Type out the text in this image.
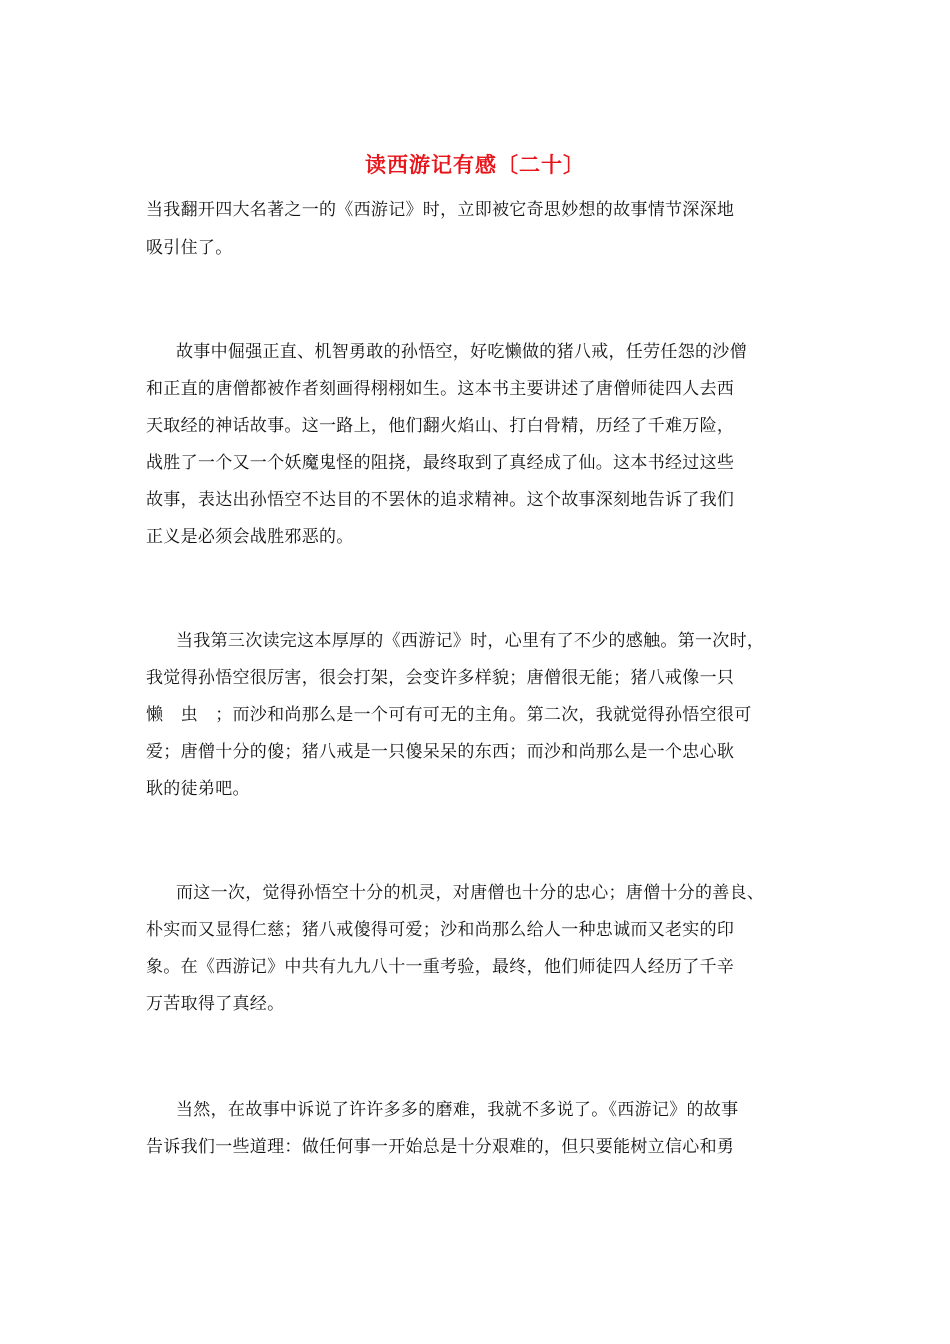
读西游记有感〔二十〕
当我翻开四大名著之一的《西游记》时，立即被它奇思妙想的故事情节深深地
吸引住了。
故事中倔强正直、机智勇敢的孙悟空，好吃懒做的猪八戒，任劳任怨的沙僧
和正直的唐僧都被作者刻画得栩栩如生。这本书主要讲述了唐僧师徒四人去西
天取经的神话故事。这一路上，他们翻火焰山、打白骨精，历经了千难万险，
战胜了一个又一个妖魔鬼怪的阻挠，最终取到了真经成了仙。这本书经过这些
故事，表达出孙悟空不达目的不罢休的追求精神。这个故事深刻地告诉了我们
正义是必须会战胜邪恶的。
当我第三次读完这本厚厚的《西游记》时，心里有了不少的感触。第一次时，
我觉得孙悟空很厉害，很会打架，会变许多样貌；唐僧很无能；猪八戒像一只
懒　虫　；而沙和尚那么是一个可有可无的主角。第二次，我就觉得孙悟空很可
爱；唐僧十分的傻；猪八戒是一只傻呆呆的东西；而沙和尚那么是一个忠心耿
耿的徒弟吧。
而这一次，觉得孙悟空十分的机灵，对唐僧也十分的忠心；唐僧十分的善良、
朴实而又显得仁慈；猪八戒傻得可爱；沙和尚那么给人一种忠诚而又老实的印
象。在《西游记》中共有九九八十一重考验，最终，他们师徒四人经历了千辛
万苦取得了真经。
当然，在故事中诉说了许许多多的磨难，我就不多说了。《西游记》的故事
告诉我们一些道理：做任何事一开始总是十分艰难的，但只要能树立信心和勇
